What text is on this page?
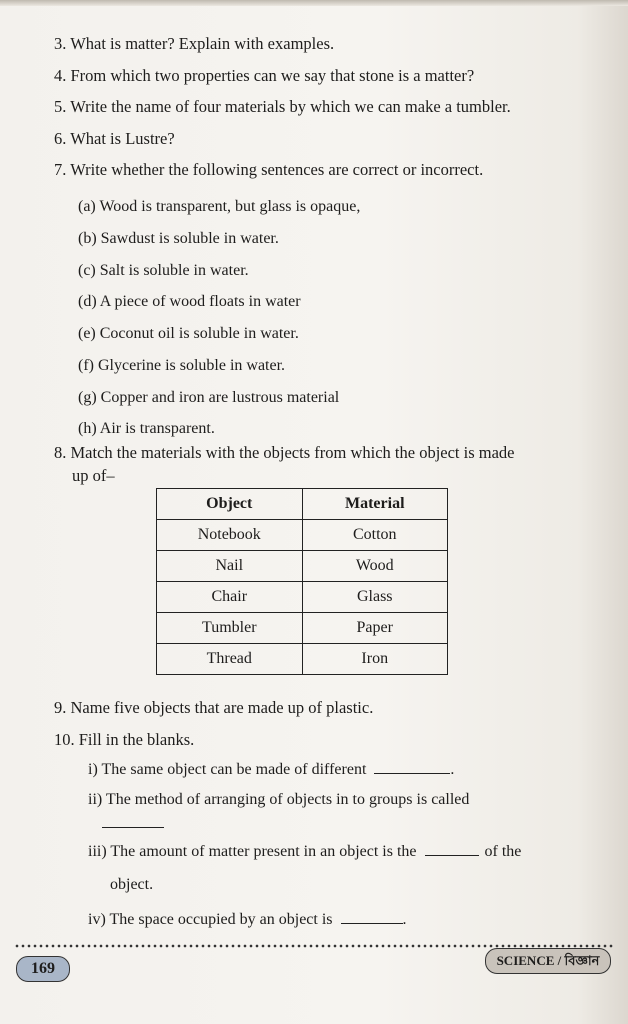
3. What is matter? Explain with examples.
4. From which two properties can we say that stone is a matter?
5. Write the name of four materials by which we can make a tumbler.
6. What is Lustre?
7. Write whether the following sentences are correct or incorrect.
(a) Wood is transparent, but glass is opaque,
(b) Sawdust is soluble in water.
(c) Salt is soluble in water.
(d) A piece of wood floats in water
(e) Coconut oil is soluble in water.
(f) Glycerine is soluble in water.
(g) Copper and iron are lustrous material
(h) Air is transparent.
8. Match the materials with the objects from which the object is made
up of–
Object	Material
Notebook	Cotton
Nail	Wood
Chair	Glass
Tumbler	Paper
Thread	Iron
9. Name five objects that are made up of plastic.
10. Fill in the blanks.
i) The same object can be made of different	.
ii) The method of arranging of objects in to groups is called
iii) The amount of matter present in an object is the	of the
object.
iv) The space occupied by an object is	.
169	SCIENCE / বিজ্ঞান
